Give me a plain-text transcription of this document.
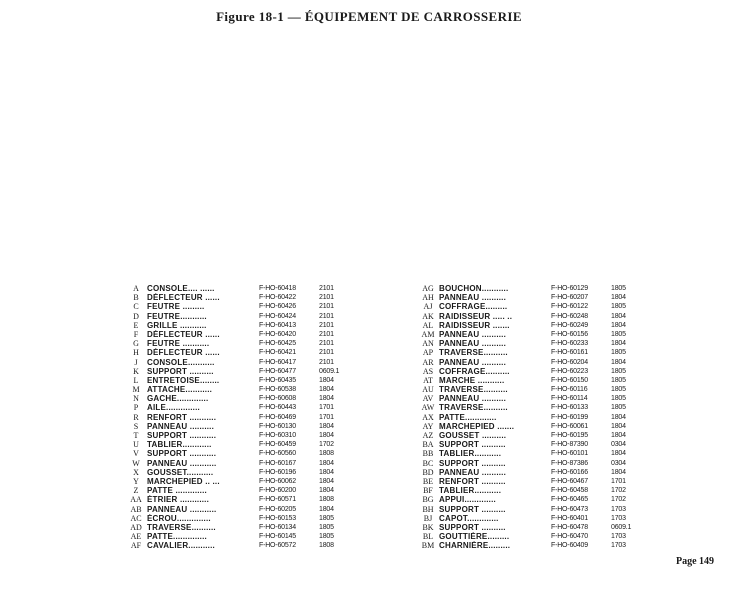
Figure 18-1 — ÉQUIPEMENT DE CARROSSERIE
A	CONSOLE.... ......	F-HO-60418	2101
B	DÉFLECTEUR ......	F-HO-60422	2101
C	FEUTRE .........	F-HO-60426	2101
D	FEUTRE...........	F-HO-60424	2101
E	GRILLE ...........	F-HO-60413	2101
F	DÉFLECTEUR ......	F-HO-60420	2101
G	FEUTRE ...........	F-HO-60425	2101
H	DÉFLECTEUR ......	F-HO-60421	2101
J	CONSOLE...........	F-HO-60417	2101
K	SUPPORT ..........	F-HO-60477	0609.1
L	ENTRETOISE........	F-HO-60435	1804
M ATTACHE...........	F-HO-60538	1804
N	GACHE.............	F-HO-60608	1804
P	AILE..............	F-HO-60443	1701
R	RENFORT ...........	F-HO-60469	1701
S	PANNEAU ..........	F-HO-60130	1804
T	SUPPORT ...........	F-HO-60310	1804
U	TABLIER............	F-HO-60459	1702
V	SUPPORT ...........	F-HO-60560	1808
W PANNEAU ...........	F-HO-60167	1804
X	GOUSSET...........	F-HO-60196	1804
Y	MARCHEPIED .. ...	F-HO-60062	1804
Z	PATTE .............	F-HO-60200	1804
AA ÉTRIER ............	F-HO-60571	1808
AB PANNEAU ...........	F-HO-60205	1804
AC ÉCROU..............	F-HO-60153	1805
AD TRAVERSE..........	F-HO-60134	1805
AE PATTE..............	F-HO-60145	1805
AF CAVALIER...........	F-HO-60572	1808
AG BOUCHON...........	F-HO-60129	1805
AH PANNEAU ..........	F-HO-60207	1804
AJ COFFRAGE.........	F-HO-60122	1805
AK RAIDISSEUR ..... ..	F-HO-60248	1804
AL RAIDISSEUR .......	F-HO-60249	1804
AM PANNEAU ..........	F-HO-60156	1805
AN PANNEAU ..........	F-HO-60233	1804
AP TRAVERSE..........	F-HO-60161	1805
AR PANNEAU ..........	F-HO-60204	1804
AS COFFRAGE..........	F-HO-60223	1805
AT MARCHE ...........	F-HO-60150	1805
AU TRAVERSE..........	F-HO-60116	1805
AV PANNEAU ..........	F-HO-60114	1805
AW TRAVERSE..........	F-HO-60133	1805
AX PATTE.............	F-HO-60199	1804
AY MARCHEPIED .......	F-HO-60061	1804
AZ GOUSSET ..........	F-HO-60195	1804
BA SUPPORT ..........	F-HO-87390	0304
BB TABLIER...........	F-HO-60101	1804
BC SUPPORT ..........	F-HO-87386	0304
BD PANNEAU ..........	F-HO-60166	1804
BE RENFORT ..........	F-HO-60467	1701
BF TABLIER...........	F-HO-60458	1702
BG APPUI.............	F-HO-60465	1702
BH SUPPORT ..........	F-HO-60473	1703
BJ CAPOT.............	F-HO-60401	1703
BK SUPPORT ..........	F-HO-60478	0609.1
BL GOUTTIÈRE.........	F-HO-60470	1703
BM CHARNIÈRE.........	F-HO-60409	1703
Page 149
